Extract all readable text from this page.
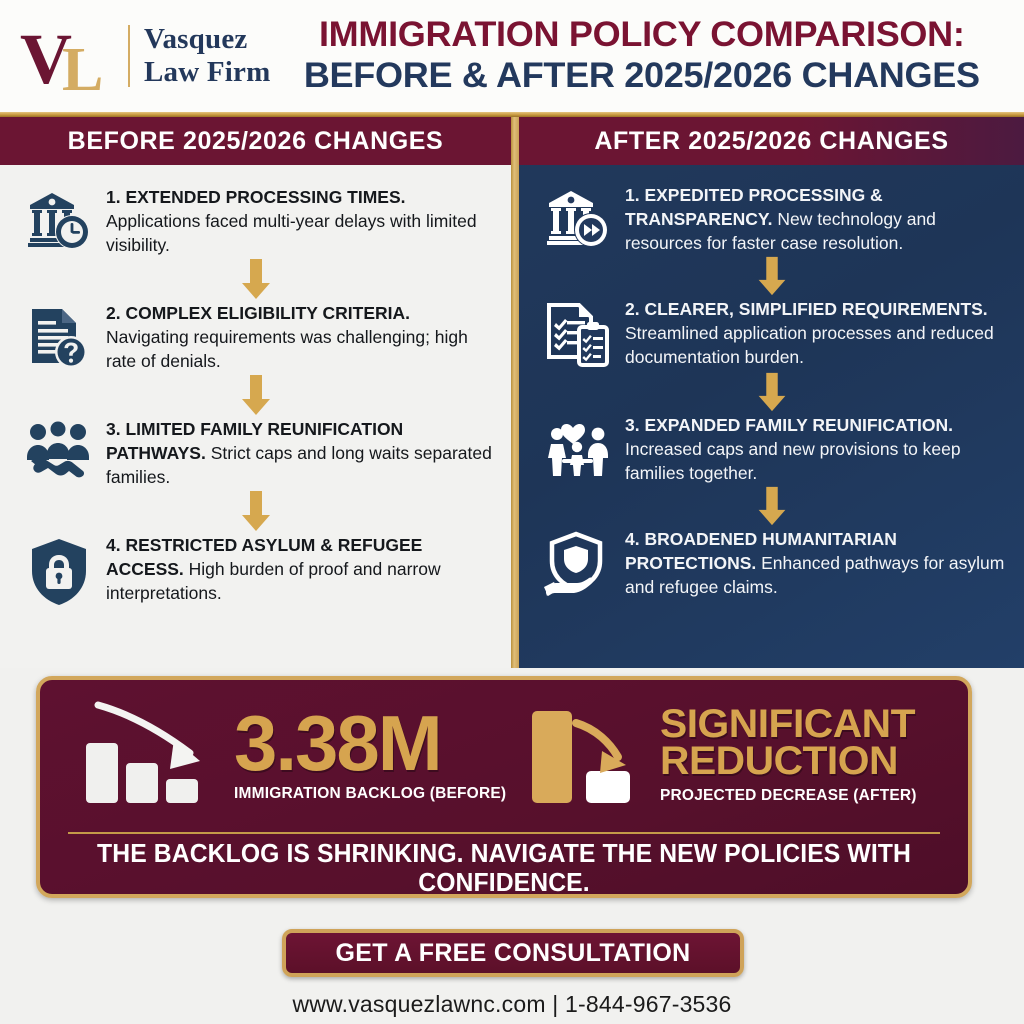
V
L Vasquez
Law Firm
IMMIGRATION POLICY COMPARISON:
BEFORE & AFTER 2025/2026 CHANGES
BEFORE 2025/2026 CHANGES
1. EXTENDED PROCESSING TIMES. Applications faced multi-year delays with limited visibility.
2. COMPLEX ELIGIBILITY CRITERIA. Navigating requirements was challenging; high rate of denials.
3. LIMITED FAMILY REUNIFICATION PATHWAYS. Strict caps and long waits separated families.
4. RESTRICTED ASYLUM & REFUGEE ACCESS. High burden of proof and narrow interpretations.
AFTER 2025/2026 CHANGES
1. EXPEDITED PROCESSING & TRANSPARENCY. New technology and resources for faster case resolution.
2. CLEARER, SIMPLIFIED REQUIREMENTS. Streamlined application processes and reduced documentation burden.
3. EXPANDED FAMILY REUNIFICATION. Increased caps and new provisions to keep families together.
4. BROADENED HUMANITARIAN PROTECTIONS. Enhanced pathways for asylum and refugee claims.
3.38M
IMMIGRATION BACKLOG (BEFORE)
SIGNIFICANT
REDUCTION
PROJECTED DECREASE (AFTER)
THE BACKLOG IS SHRINKING. NAVIGATE THE NEW POLICIES WITH CONFIDENCE.
GET A FREE CONSULTATION
www.vasquezlawnc.com | 1-844-967-3536
